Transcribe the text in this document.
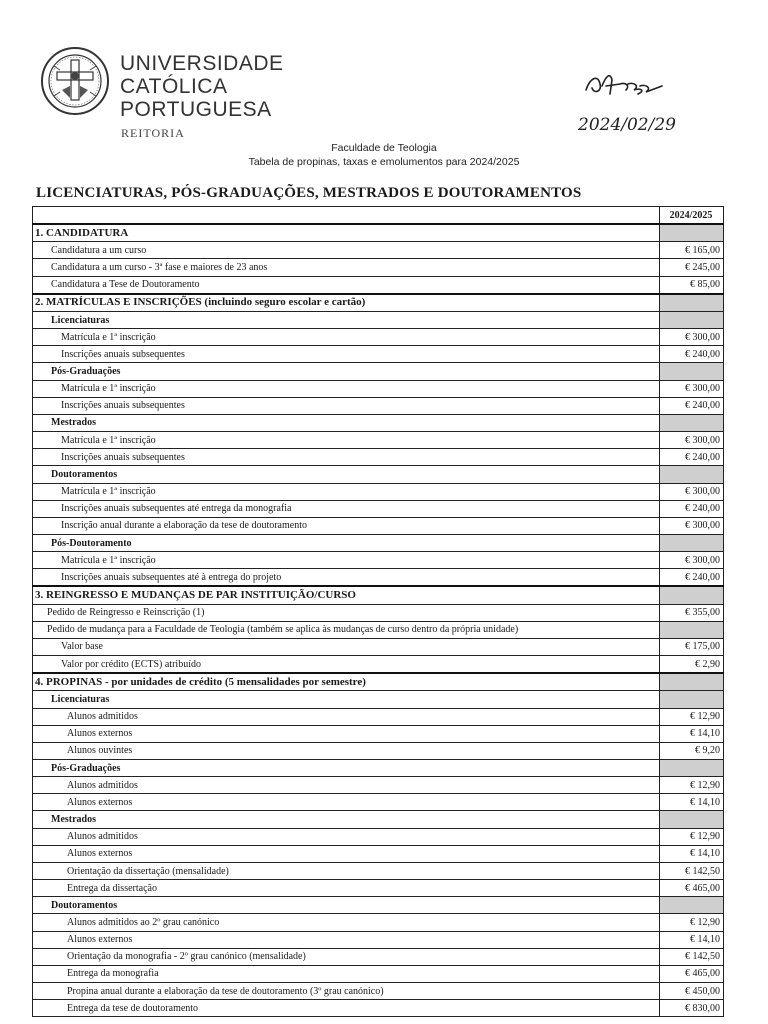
UNIVERSIDADE
CATÓLICA
PORTUGUESA
REITORIA	2024/02/29
Faculdade de Teologia
Tabela de propinas, taxas e emolumentos para 2024/2025
LICENCIATURAS, PÓS-GRADUAÇÕES, MESTRADOS E DOUTORAMENTOS
	2024/2025
1. CANDIDATURA	
Candidatura a um curso	€ 165,00
Candidatura a um curso - 3ª fase e maiores de 23 anos	€ 245,00
Candidatura a Tese de Doutoramento	€ 85,00
2. MATRÍCULAS E INSCRIÇÕES (incluindo seguro escolar e cartão)	
Licenciaturas	
Matrícula e 1ª inscrição	€ 300,00
Inscrições anuais subsequentes	€ 240,00
Pós-Graduações	
Matrícula e 1ª inscrição	€ 300,00
Inscrições anuais subsequentes	€ 240,00
Mestrados	
Matrícula e 1ª inscrição	€ 300,00
Inscrições anuais subsequentes	€ 240,00
Doutoramentos	
Matrícula e 1ª inscrição	€ 300,00
Inscrições anuais subsequentes até entrega da monografia	€ 240,00
Inscrição anual durante a elaboração da tese de doutoramento	€ 300,00
Pós-Doutoramento	
Matrícula e 1ª inscrição	€ 300,00
Inscrições anuais subsequentes até à entrega do projeto	€ 240,00
3. REINGRESSO E MUDANÇAS DE PAR INSTITUIÇÃO/CURSO	
Pedido de Reingresso e Reinscrição (1)	€ 355,00
Pedido de mudança para a Faculdade de Teologia (também se aplica às mudanças de curso dentro da própria unidade)	
Valor base	€ 175,00
Valor por crédito (ECTS) atribuído	€ 2,90
4. PROPINAS - por unidades de crédito (5 mensalidades por semestre)	
Licenciaturas	
Alunos admitidos	€ 12,90
Alunos externos	€ 14,10
Alunos ouvintes	€ 9,20
Pós-Graduações	
Alunos admitidos	€ 12,90
Alunos externos	€ 14,10
Mestrados	
Alunos admitidos	€ 12,90
Alunos externos	€ 14,10
Orientação da dissertação (mensalidade)	€ 142,50
Entrega da dissertação	€ 465,00
Doutoramentos	
Alunos admitidos ao 2º grau canónico	€ 12,90
Alunos externos	€ 14,10
Orientação da monografia - 2º grau canónico (mensalidade)	€ 142,50
Entrega da monografia	€ 465,00
Propina anual durante a elaboração da tese de doutoramento (3º grau canónico)	€ 450,00
Entrega da tese de doutoramento	€ 830,00
